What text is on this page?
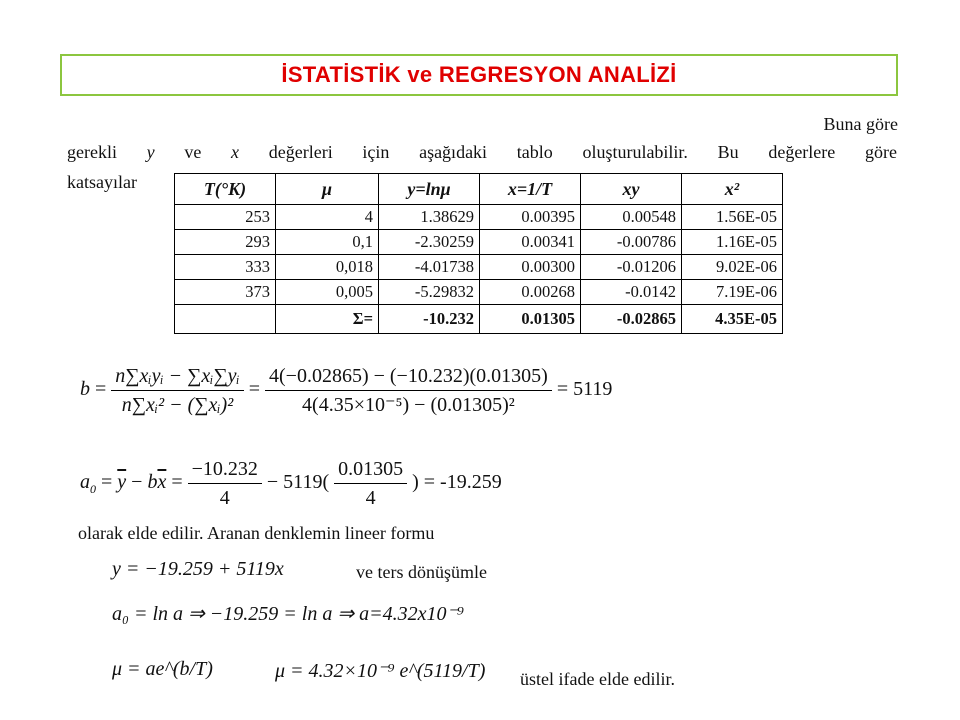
İSTATİSTİK ve REGRESYON ANALİZİ
Buna göre
gerekli y ve x değerleri için aşağıdaki tablo oluşturulabilir. Bu değerlere göre
katsayılar	T(°K)	μ	y=lnμ	x=1/T	xy	x²
253	4	1.38629	0.00395	0.00548	1.56E-05
293	0,1	-2.30259	0.00341	-0.00786	1.16E-05
333	0,018	-4.01738	0.00300	-0.01206	9.02E-06
373	0,005	-5.29832	0.00268	-0.0142	7.19E-06
	Σ=	-10.232	0.01305	-0.02865	4.35E-05
$b = \frac{\text{n∑xᵢyᵢ − ∑xᵢ∑yᵢ}}{\text{n∑xᵢ² − (∑xᵢ)²}} = \frac{4(-0.02865) - (-10.232)(0.01305)}{\text{4(4.35×10⁻⁵) − (0.01305)²}} = 5119$
$a_0 = \overline{y} - b\overline{x} = \frac{-10.232}{4} - 5119( \frac{0.01305}{4}$ ) = -19.259
olarak elde edilir. Aranan denklemin lineer formu
y = −19.259 + 5119x	ve ters dönüşümle
a₀ = ln a ⇒ −19.259 = ln a ⇒ a=4.32x10⁻⁹
μ = ae^(b/T)	μ = 4.32×10⁻⁹ e^(5119/T) üstel ifade elde edilir.
